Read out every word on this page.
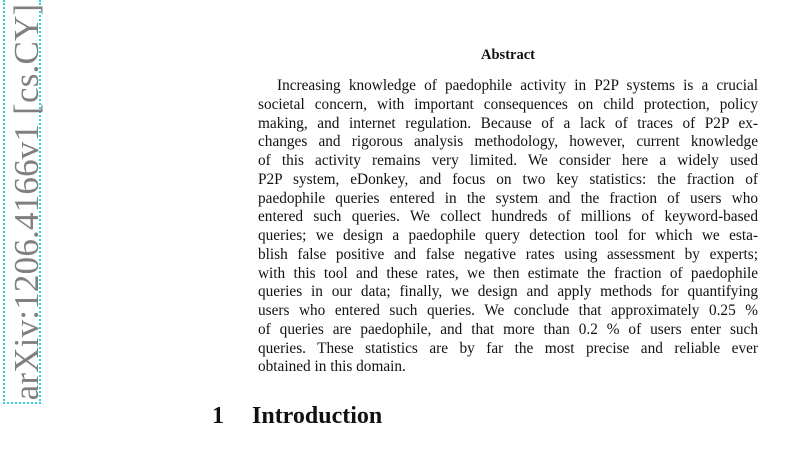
arXiv:1206.4166v1 [cs.CY]	Abstract
Increasing knowledge of paedophile activity in P2P systems is a crucial
societal concern, with important consequences on child protection, policy
making, and internet regulation. Because of a lack of traces of P2P ex-
changes and rigorous analysis methodology, however, current knowledge
of this activity remains very limited. We consider here a widely used
P2P system, eDonkey, and focus on two key statistics: the fraction of
paedophile queries entered in the system and the fraction of users who
entered such queries. We collect hundreds of millions of keyword-based
queries; we design a paedophile query detection tool for which we esta-
blish false positive and false negative rates using assessment by experts;
with this tool and these rates, we then estimate the fraction of paedophile
queries in our data; finally, we design and apply methods for quantifying
users who entered such queries. We conclude that approximately 0.25 %
of queries are paedophile, and that more than 0.2 % of users enter such
queries. These statistics are by far the most precise and reliable ever
obtained in this domain.
1 Introduction
